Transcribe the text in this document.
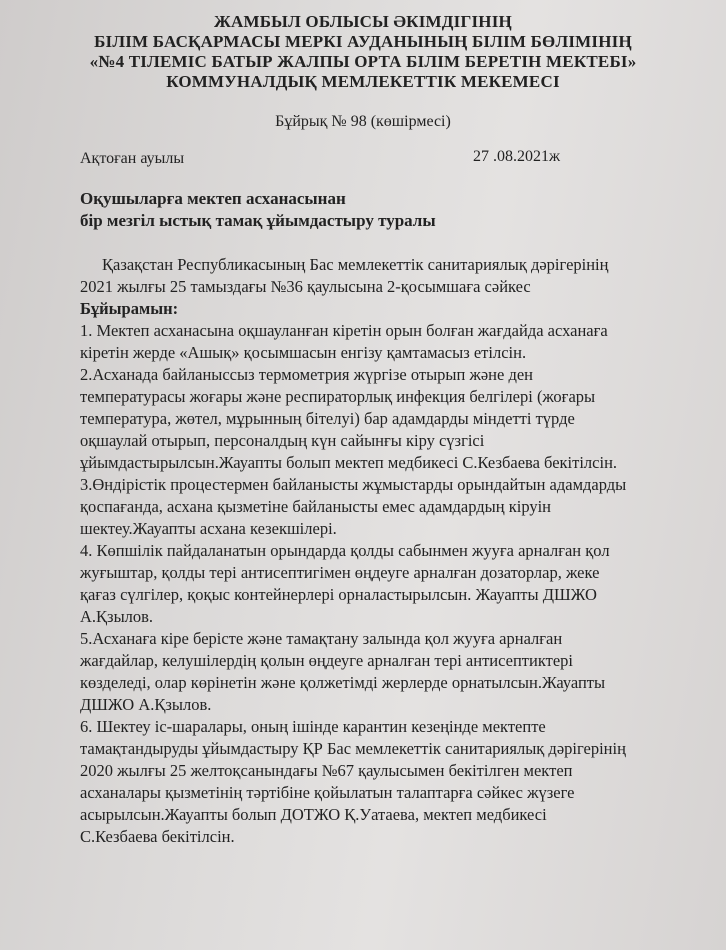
ЖАМБЫЛ ОБЛЫСЫ ӘКІМДІГІНІҢ
БІЛІМ БАСҚАРМАСЫ МЕРКІ АУДАНЫНЫҢ БІЛІМ БӨЛІМІНІҢ
«№4 ТІЛЕМІС БАТЫР ЖАЛПЫ ОРТА БІЛІМ БЕРЕТІН МЕКТЕБІ»
КОММУНАЛДЫҚ МЕМЛЕКЕТТІК МЕКЕМЕСІ
Бұйрық № 98 (көшірмесі)
Ақтоған ауылы	27 .08.2021ж
Оқушыларға мектеп асханасынан
бір мезгіл ыстық тамақ ұйымдастыру туралы
Қазақстан Республикасының Бас мемлекеттік санитариялық дәрігерінің
2021 жылғы 25 тамыздағы №36 қаулысына 2-қосымшаға сәйкес
Бұйырамын:
1. Мектеп асханасына оқшауланған кіретін орын болған жағдайда асханаға
кіретін жерде «Ашық» қосымшасын енгізу қамтамасыз етілсін.
2.Асханада байланыссыз термометрия жүргізе отырып және ден
температурасы жоғары және респираторлық инфекция белгілері (жоғары
температура, жөтел, мұрынның бітелуі) бар адамдарды міндетті түрде
оқшаулай отырып, персоналдың күн сайынғы кіру сүзгісі
ұйымдастырылсын.Жауапты болып мектеп медбикесі С.Кезбаева бекітілсін.
3.Өндірістік процестермен байланысты жұмыстарды орындайтын адамдарды
қоспағанда, асхана қызметіне байланысты емес адамдардың кіруін
шектеу.Жауапты асхана кезекшілері.
4. Көпшілік пайдаланатын орындарда қолды сабынмен жууға арналған қол
жуғыштар, қолды тері антисептигімен өңдеуге арналған дозаторлар, жеке
қағаз сүлгілер, қоқыс контейнерлері орналастырылсын. Жауапты ДШЖО
А.Қзылов.
5.Асханаға кіре берісте және тамақтану залында қол жууға арналған
жағдайлар, келушілердің қолын өңдеуге арналған тері антисептиктері
көзделеді, олар көрінетін және қолжетімді жерлерде орнатылсын.Жауапты
ДШЖО А.Қзылов.
6. Шектеу іс-шаралары, оның ішінде карантин кезеңінде мектепте
тамақтандыруды ұйымдастыру ҚР Бас мемлекеттік санитариялық дәрігерінің
2020 жылғы 25 желтоқсанындағы №67 қаулысымен бекітілген мектеп
асханалары қызметінің тәртібіне қойылатын талаптарға сәйкес жүзеге
асырылсын.Жауапты болып ДОТЖО Қ.Уатаева, мектеп медбикесі
С.Кезбаева бекітілсін.
